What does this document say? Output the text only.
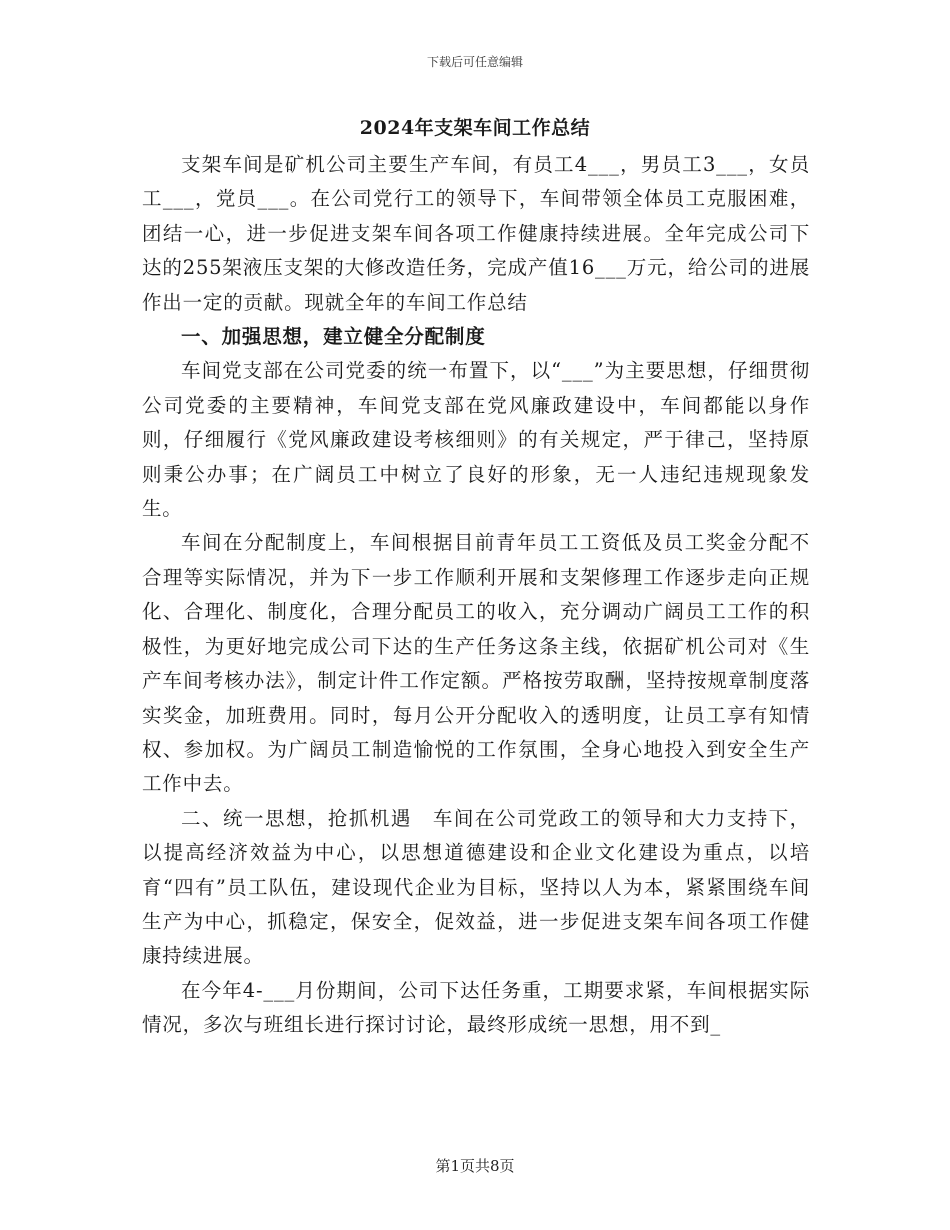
下载后可任意编辑
2024年支架车间工作总结

支架车间是矿机公司主要生产车间，有员工4___，男员工3___，女员工___，党员___。在公司党行工的领导下，车间带领全体员工克服困难，团结一心，进一步促进支架车间各项工作健康持续进展。全年完成公司下达的255架液压支架的大修改造任务，完成产值16___万元，给公司的进展作出一定的贡献。现就全年的车间工作总结

一、加强思想，建立健全分配制度

车间党支部在公司党委的统一布置下，以“___”为主要思想，仔细贯彻公司党委的主要精神，车间党支部在党风廉政建设中，车间都能以身作则，仔细履行《党风廉政建设考核细则》的有关规定，严于律己，坚持原则秉公办事；在广阔员工中树立了良好的形象，无一人违纪违规现象发生。

车间在分配制度上，车间根据目前青年员工工资低及员工奖金分配不合理等实际情况，并为下一步工作顺利开展和支架修理工作逐步走向正规化、合理化、制度化，合理分配员工的收入，充分调动广阔员工工作的积极性，为更好地完成公司下达的生产任务这条主线，依据矿机公司对《生产车间考核办法》，制定计件工作定额。严格按劳取酬，坚持按规章制度落实奖金，加班费用。同时，每月公开分配收入的透明度，让员工享有知情权、参加权。为广阔员工制造愉悦的工作氛围，全身心地投入到安全生产工作中去。

二、统一思想，抢抓机遇　车间在公司党政工的领导和大力支持下，以提高经济效益为中心，以思想道德建设和企业文化建设为重点，以培育“四有”员工队伍，建设现代企业为目标，坚持以人为本，紧紧围绕车间生产为中心，抓稳定，保安全，促效益，进一步促进支架车间各项工作健康持续进展。

在今年4-___月份期间，公司下达任务重，工期要求紧，车间根据实际情况，多次与班组长进行探讨讨论，最终形成统一思想，用不到_

第1页共8页
